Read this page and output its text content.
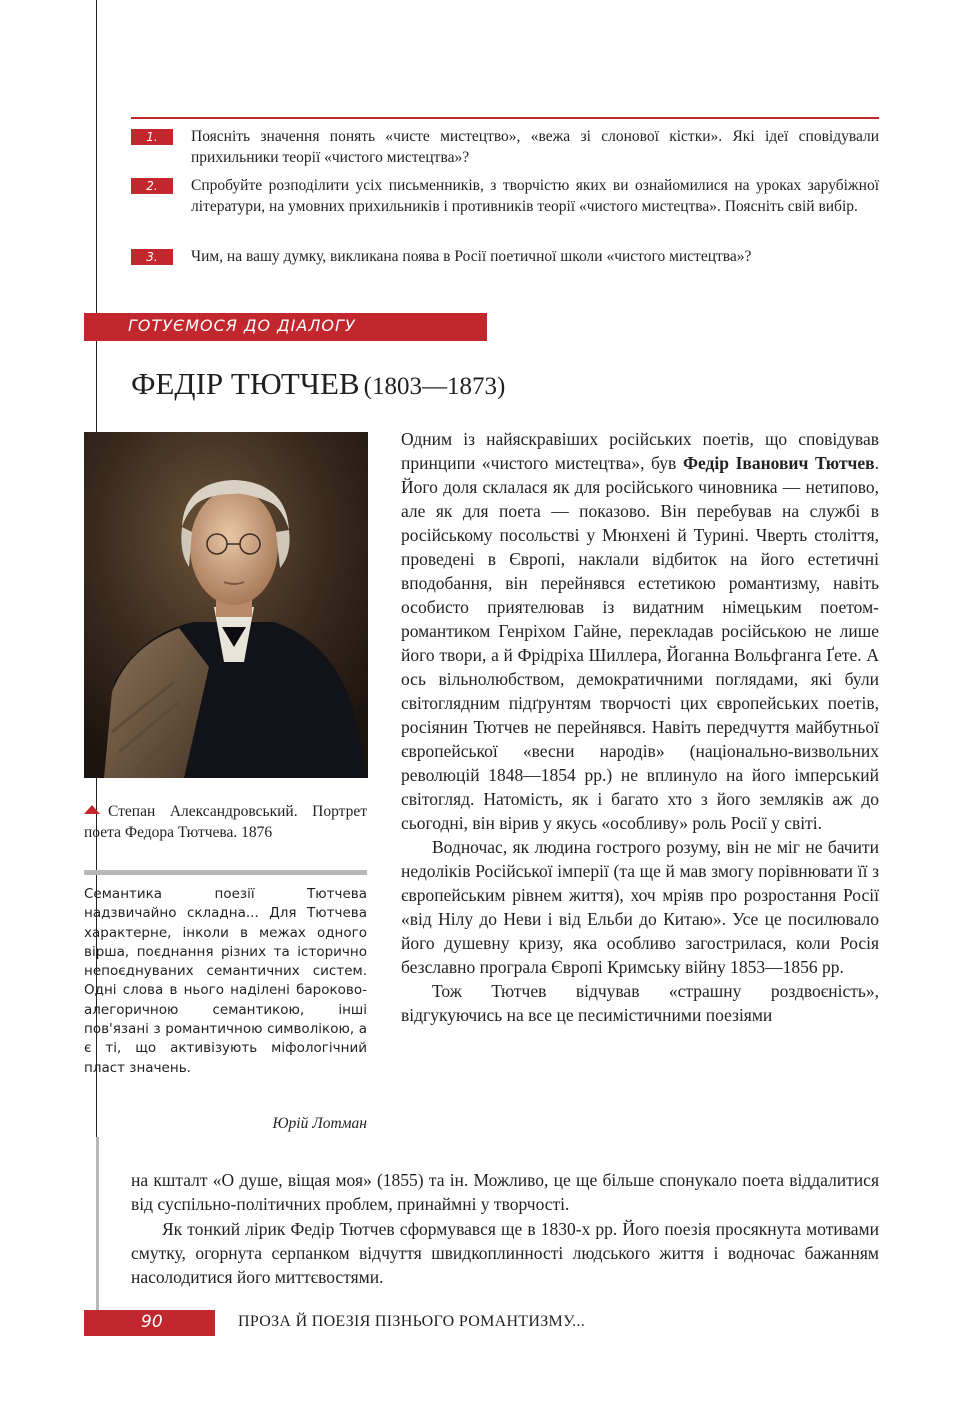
1.	Поясніть значення понять «чисте мистецтво», «вежа зі слонової кістки». Які ідеї сповідували прихильники теорії «чистого мистецтва»?
2.	Спробуйте розподілити усіх письменників, з творчістю яких ви ознайомилися на уроках зарубіжної літератури, на умовних прихильників і противників теорії «чистого мистецтва». Поясніть свій вибір.
3.	Чим, на вашу думку, викликана поява в Росії поетичної школи «чистого мистецтва»?
ГОТУЄМОСЯ ДО ДІАЛОГУ
ФЕДІР ТЮТЧЕВ (1803—1873)
Степан Александровський. Портрет поета Федора Тютчева. 1876
Семантика поезії Тютчева надзвичайно складна... Для Тютчева характерне, інколи в межах одного вірша, поєднання різних та історично непоєднуваних семантичних систем. Одні слова в нього наділені бароково-алегоричною семантикою, інші пов'язані з романтичною символікою, а є ті, що активізують міфологічний пласт значень.
Юрій Лотман

Одним із найяскравіших російських поетів, що сповідував принципи «чистого мистецтва», був Федір Іванович Тютчев. Його доля склалася як для російського чиновника — нетипово, але як для поета — показово. Він перебував на службі в російському посольстві у Мюнхені й Турині. Чверть століття, проведені в Європі, наклали відбиток на його естетичні вподобання, він перейнявся естетикою романтизму, навіть особисто приятелював із видатним німецьким поетом-романтиком Генріхом Гайне, перекладав російською не лише його твори, а й Фрідріха Шиллера, Йоганна Вольфганга Ґете. А ось вільнолюбством, демократичними поглядами, які були світоглядним підґрунтям творчості цих європейських поетів, росіянин Тютчев не перейнявся. Навіть передчуття майбутньої європейської «весни народів» (національно-визвольних революцій 1848—1854 рр.) не вплинуло на його імперський світогляд. Натомість, як і багато хто з його земляків аж до сьогодні, він вірив у якусь «особливу» роль Росії у світі.

Водночас, як людина гострого розуму, він не міг не бачити недоліків Російської імперії (та ще й мав змогу порівнювати її з європейським рівнем життя), хоч мріяв про розростання Росії «від Нілу до Неви і від Ельби до Китаю». Усе це посилювало його душевну кризу, яка особливо загострилася, коли Росія безславно програла Європі Кримську війну 1853—1856 рр.

Тож Тютчев відчував «страшну роздвоєність», відгукуючись на все це песимістичними поезіями

на кшталт «О душе, віщая моя» (1855) та ін. Можливо, це ще більше спонукало поета віддалитися від суспільно-політичних проблем, принаймні у творчості.
Як тонкий лірик Федір Тютчев сформувався ще в 1830-х рр. Його поезія просякнута мотивами смутку, огорнута серпанком відчуття швидкоплинності людського життя і водночас бажанням насолодитися його миттєвостями.
90	ПРОЗА Й ПОЕЗІЯ ПІЗНЬОГО РОМАНТИЗМУ...
